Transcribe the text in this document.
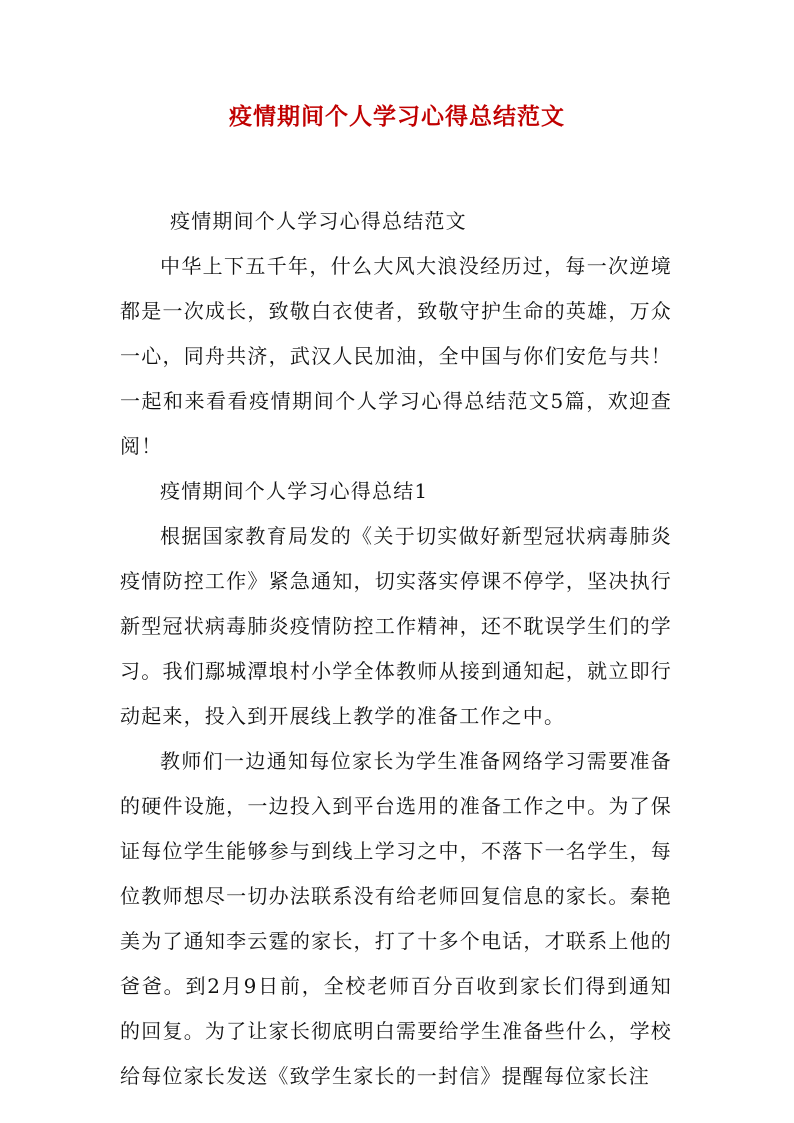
疫情期间个人学习心得总结范文

疫情期间个人学习心得总结范文

中华上下五千年，什么大风大浪没经历过，每一次逆境都是一次成长，致敬白衣使者，致敬守护生命的英雄，万众一心，同舟共济，武汉人民加油，全中国与你们安危与共！一起和来看看疫情期间个人学习心得总结范文5篇，欢迎查阅！

疫情期间个人学习心得总结1

根据国家教育局发的《关于切实做好新型冠状病毒肺炎疫情防控工作》紧急通知，切实落实停课不停学，坚决执行新型冠状病毒肺炎疫情防控工作精神，还不耽误学生们的学习。我们鄢城潭埌村小学全体教师从接到通知起，就立即行动起来，投入到开展线上教学的准备工作之中。

教师们一边通知每位家长为学生准备网络学习需要准备的硬件设施，一边投入到平台选用的准备工作之中。为了保证每位学生能够参与到线上学习之中，不落下一名学生，每位教师想尽一切办法联系没有给老师回复信息的家长。秦艳美为了通知李云霆的家长，打了十多个电话，才联系上他的爸爸。到2月9日前，全校老师百分百收到家长们得到通知的回复。为了让家长彻底明白需要给学生准备些什么，学校给每位家长发送《致学生家长的一封信》提醒每位家长注
